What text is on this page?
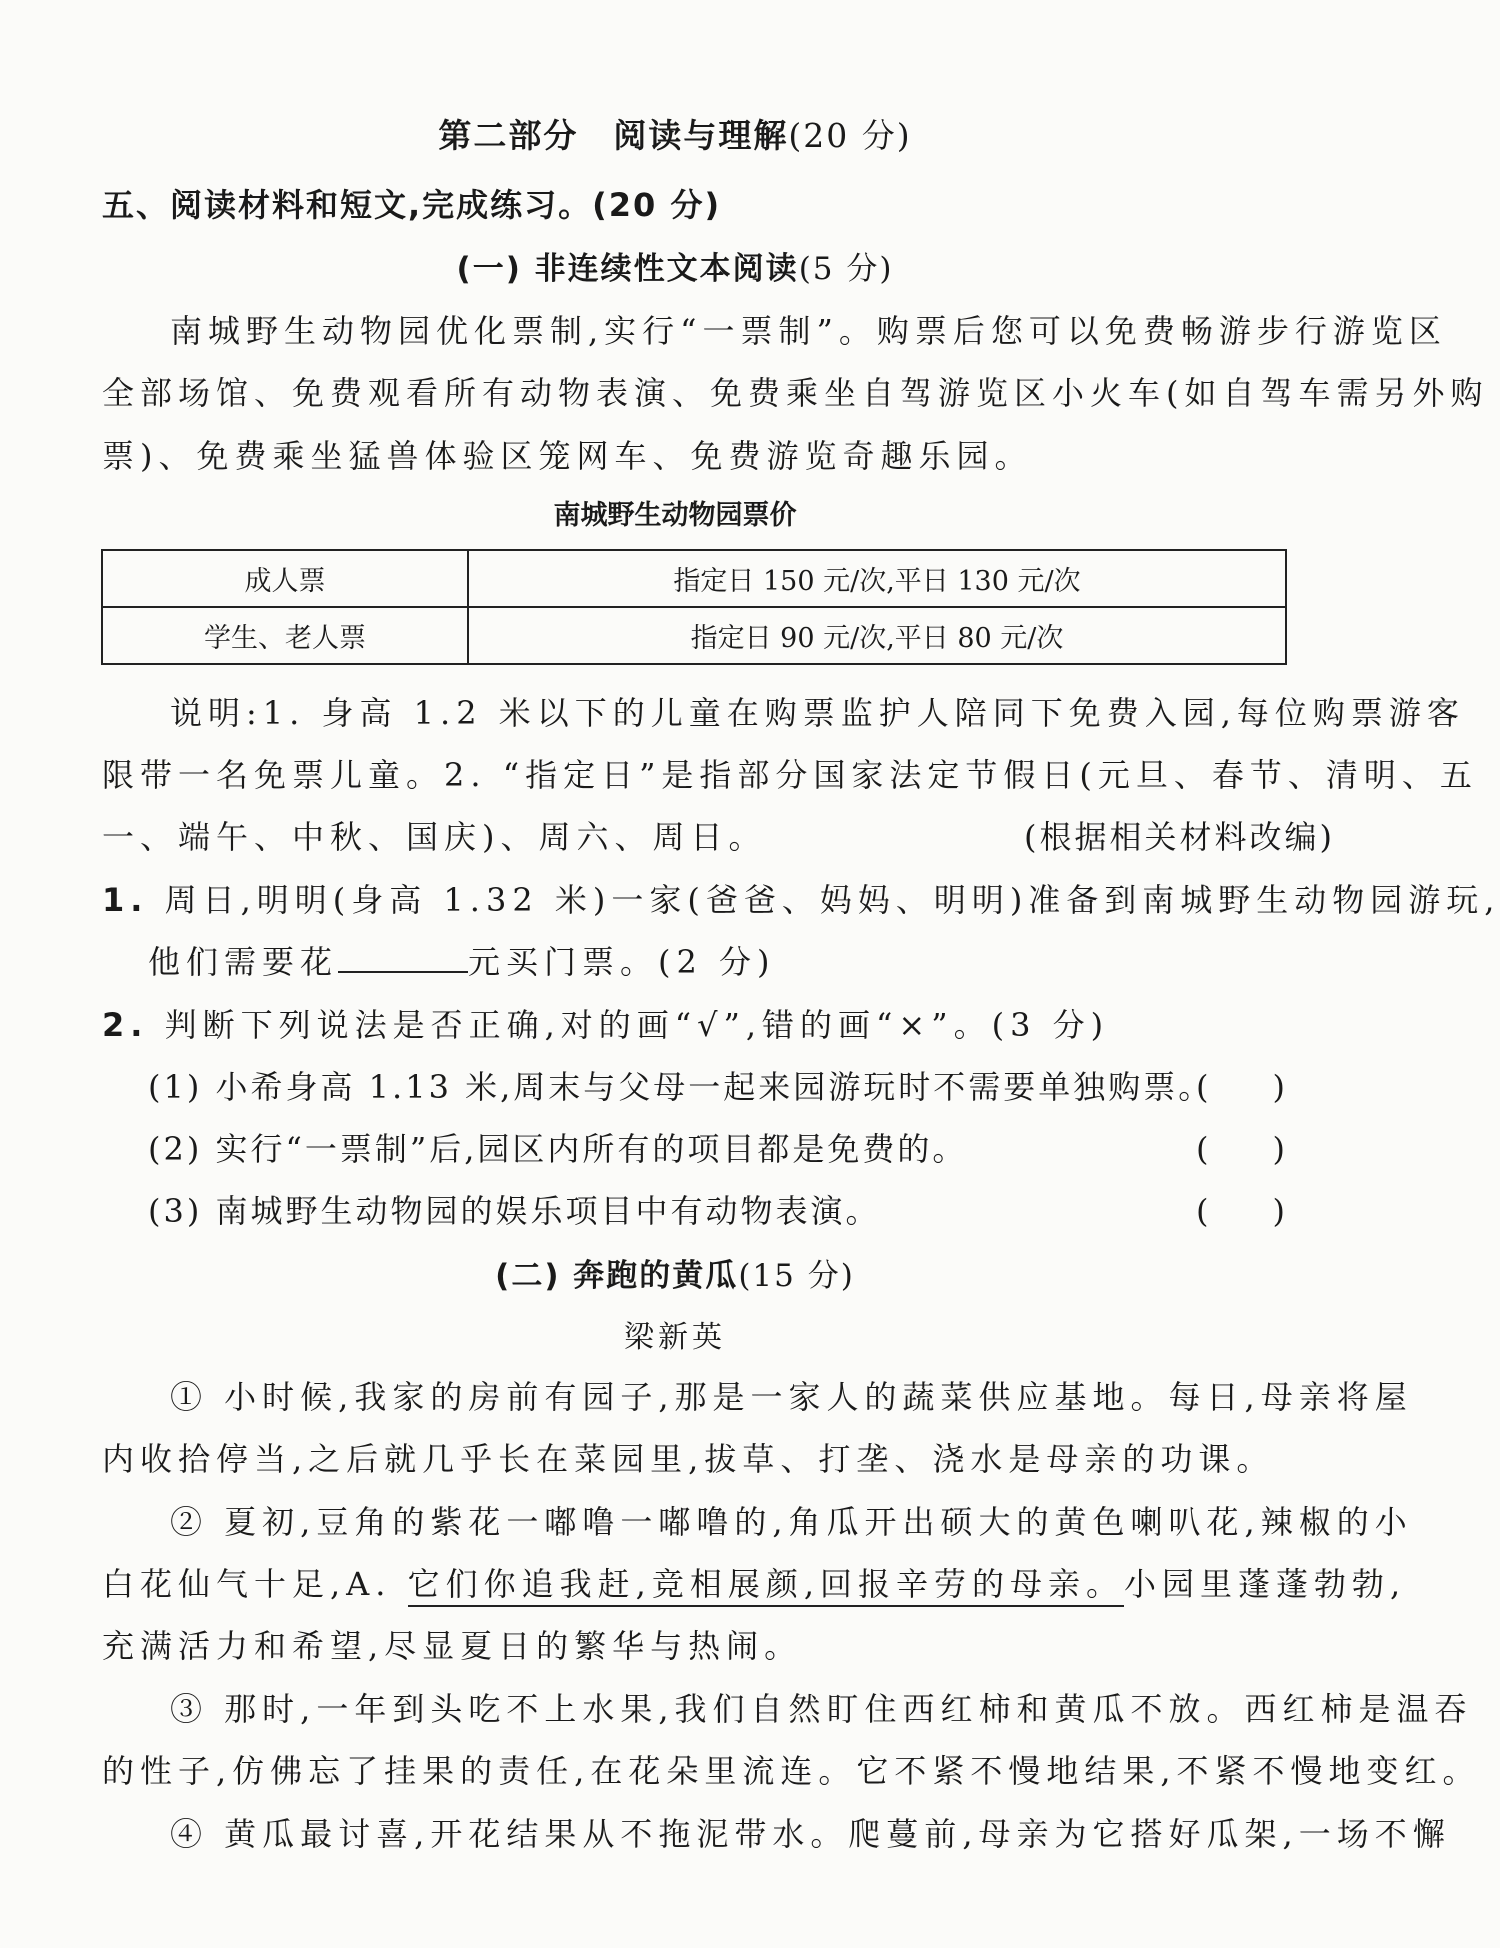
第二部分　阅读与理解(20 分)
五、阅读材料和短文,完成练习。(20 分)
(一) 非连续性文本阅读(5 分)
南城野生动物园优化票制,实行“一票制”。购票后您可以免费畅游步行游览区
全部场馆、免费观看所有动物表演、免费乘坐自驾游览区小火车(如自驾车需另外购
票)、免费乘坐猛兽体验区笼网车、免费游览奇趣乐园。
南城野生动物园票价
成人票	指定日 150 元/次,平日 130 元/次
学生、老人票	指定日 90 元/次,平日 80 元/次
说明:1. 身高 1.2 米以下的儿童在购票监护人陪同下免费入园,每位购票游客
限带一名免票儿童。2. “指定日”是指部分国家法定节假日(元旦、春节、清明、五
一、端午、中秋、国庆)、周六、周日。	(根据相关材料改编)
1. 周日,明明(身高 1.32 米)一家(爸爸、妈妈、明明)准备到南城野生动物园游玩,
他们需要花	元买门票。(2 分)
2. 判断下列说法是否正确,对的画“√”,错的画“×”。(3 分)
(1) 小希身高 1.13 米,周末与父母一起来园游玩时不需要单独购票。
(　　)
(2) 实行“一票制”后,园区内所有的项目都是免费的。	(　　)
(3) 南城野生动物园的娱乐项目中有动物表演。	(　　)
(二) 奔跑的黄瓜(15 分)
梁新英
① 小时候,我家的房前有园子,那是一家人的蔬菜供应基地。每日,母亲将屋
内收拾停当,之后就几乎长在菜园里,拔草、打垄、浇水是母亲的功课。
② 夏初,豆角的紫花一嘟噜一嘟噜的,角瓜开出硕大的黄色喇叭花,辣椒的小
白花仙气十足,A. 它们你追我赶,竞相展颜,回报辛劳的母亲。小园里蓬蓬勃勃,
充满活力和希望,尽显夏日的繁华与热闹。
③ 那时,一年到头吃不上水果,我们自然盯住西红柿和黄瓜不放。西红柿是温吞
的性子,仿佛忘了挂果的责任,在花朵里流连。它不紧不慢地结果,不紧不慢地变红。
④ 黄瓜最讨喜,开花结果从不拖泥带水。爬蔓前,母亲为它搭好瓜架,一场不懈
